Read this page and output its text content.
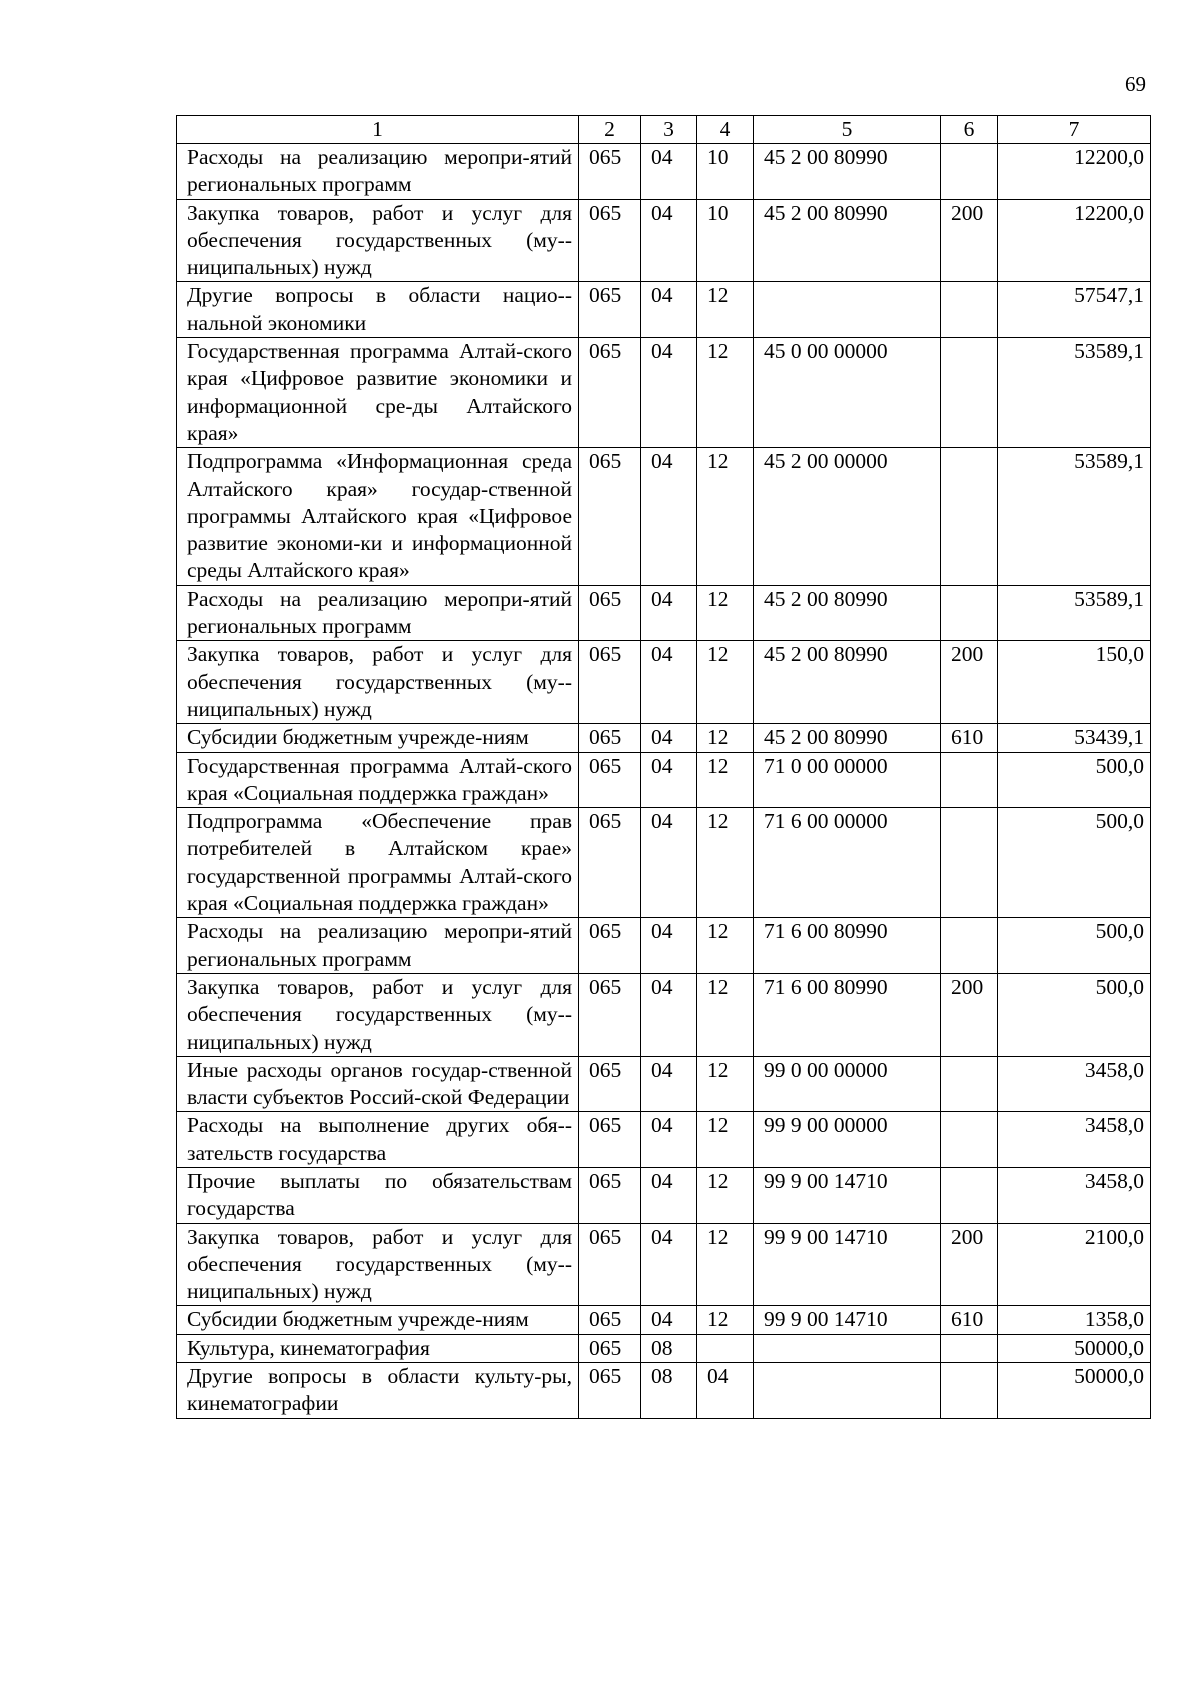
69
1	2	3	4	5	6	7
Расходы на реализацию меропри-ятий региональных программ	065	04	10	45 2 00 80990		12200,0
Закупка товаров, работ и услуг для обеспечения государственных (му-ниципальных) нужд	065	04	10	45 2 00 80990	200	12200,0
Другие вопросы в области нацио-нальной экономики	065	04	12			57547,1
Государственная программа Алтай-ского края «Цифровое развитие экономики и информационной сре-ды Алтайского края»	065	04	12	45 0 00 00000		53589,1
Подпрограмма «Информационная среда Алтайского края» государ-ственной программы Алтайского края «Цифровое развитие экономи-ки и информационной среды Алтайского края»	065	04	12	45 2 00 00000		53589,1
Расходы на реализацию меропри-ятий региональных программ	065	04	12	45 2 00 80990		53589,1
Закупка товаров, работ и услуг для обеспечения государственных (му-ниципальных) нужд	065	04	12	45 2 00 80990	200	150,0
Субсидии бюджетным учрежде-ниям	065	04	12	45 2 00 80990	610	53439,1
Государственная программа Алтай-ского края «Социальная поддержка граждан»	065	04	12	71 0 00 00000		500,0
Подпрограмма «Обеспечение прав потребителей в Алтайском крае» государственной программы Алтай-ского края «Социальная поддержка граждан»	065	04	12	71 6 00 00000		500,0
Расходы на реализацию меропри-ятий региональных программ	065	04	12	71 6 00 80990		500,0
Закупка товаров, работ и услуг для обеспечения государственных (му-ниципальных) нужд	065	04	12	71 6 00 80990	200	500,0
Иные расходы органов государ-ственной власти субъектов Россий-ской Федерации	065	04	12	99 0 00 00000		3458,0
Расходы на выполнение других обя-зательств государства	065	04	12	99 9 00 00000		3458,0
Прочие выплаты по обязательствам государства	065	04	12	99 9 00 14710		3458,0
Закупка товаров, работ и услуг для обеспечения государственных (му-ниципальных) нужд	065	04	12	99 9 00 14710	200	2100,0
Субсидии бюджетным учрежде-ниям	065	04	12	99 9 00 14710	610	1358,0
Культура, кинематография	065	08				50000,0
Другие вопросы в области культу-ры, кинематографии	065	08	04			50000,0
